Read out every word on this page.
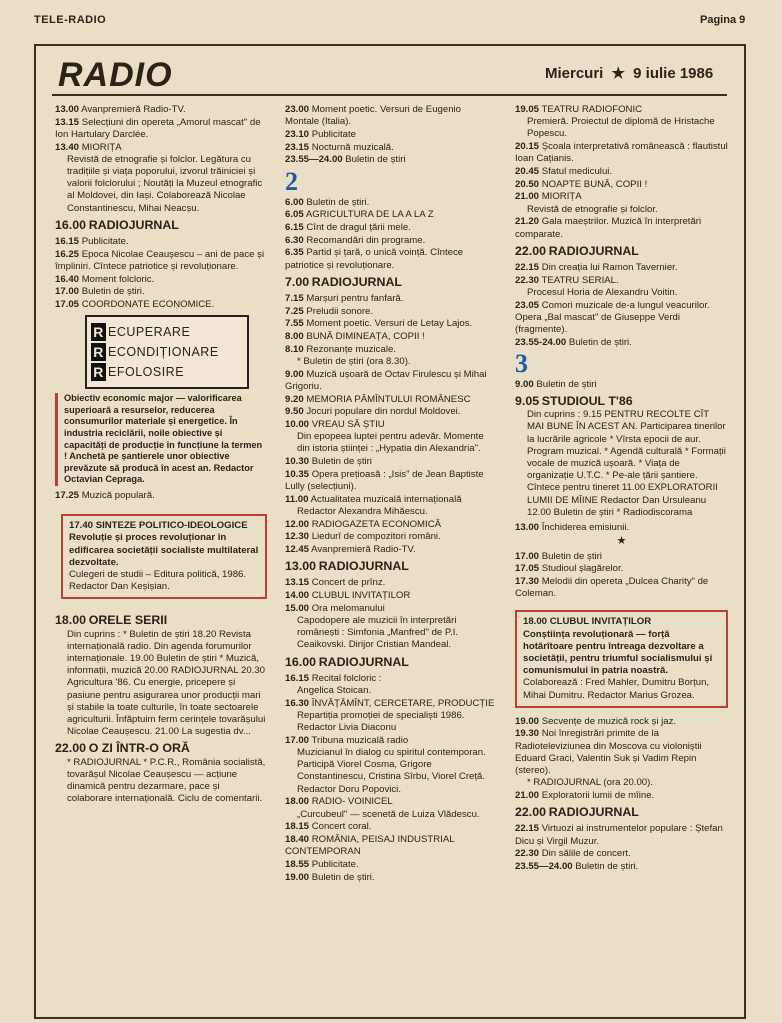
TELE-RADIO	Pagina 9
RADIO	Miercuri ★ 9 iulie 1986
13.00 Avanpremieră Radio-TV.
13.15 Selecțiuni din opereta „Amorul mascat" de Ion Hartulary Darclée.
13.40 MIORIȚA
Revistă de etnografie și folclor. Legătura cu tradițiile și viața poporului, izvorul trăiniciei și valorii folclorului ; Noutăți la Muzeul etnografic al Moldovei, din Iași. Colaborează Nicolae Constantinescu, Mihai Neacșu.
16.00 RADIOJURNAL
16.15 Publicitate.
16.25 Epoca Nicolae Ceaușescu – ani de pace și împliniri. Cîntece patriotice și revoluționare.
16.40 Moment folcloric.
17.00 Buletin de știri.
17.05 COORDONATE ECONOMICE.
R ECUPERARE
R ECONDIȚIONARE
R EFOLOSIRE
Obiectiv economic major — valorificarea superioară a resurselor, reducerea consumurilor materiale și energetice. În industria reciclării, noile obiective și capacități de producție în funcțiune la termen ! Anchetă pe șantierele unor obiective prevăzute să producă în acest an. Redactor Octavian Cepraga.
17.25 Muzică populară.
17.40 SINTEZE POLITICO-IDEOLOGICE
Revoluție și proces revoluționar în edificarea societății socialiste multilateral dezvoltate.
Culegeri de studii – Editura politică, 1986. Redactor Dan Keșișian.
18.00 ORELE SERII
Din cuprins : * Buletin de știri 18.20 Revista internațională radio. Din agenda forumurilor internaționale. 19.00 Buletin de știri * Muzică, informații, muzică 20.00 RADIOJURNAL 20.30 Agricultura '86. Cu energie, pricepere și pasiune pentru asigurarea unor producții mari și stabile la toate culturile, în toate sectoarele agriculturii. Înfăptuim ferm cerințele tovarășului Nicolae Ceaușescu. 21.00 La sugestia dv...
22.00 O ZI ÎNTR-O ORĂ
* RADIOJURNAL * P.C.R., România socialistă, tovarășul Nicolae Ceaușescu — acțiune dinamică pentru dezarmare, pace și colaborare internațională. Ciclu de comentarii.
23.00 Moment poetic. Versuri de Eugenio Montale (Italia).
23.10 Publicitate
23.15 Nocturnă muzicală.
23.55—24.00 Buletin de știri
2
6.00 Buletin de știri.
6.05 AGRICULTURA DE LA A LA Z
6.15 Cînt de dragul țării mele.
6.30 Recomandări din programe.
6.35 Partid și țară, o unică voință. Cîntece patriotice și revoluționare.
7.00 RADIOJURNAL
7.15 Marșuri pentru fanfară.
7.25 Preludii sonore.
7.55 Moment poetic. Versuri de Letay Lajos.
8.00 BUNĂ DIMINEAȚA, COPII !
8.10 Rezonanțe muzicale.
* Buletin de știri (ora 8.30).
9.00 Muzică ușoară de Octav Firulescu și Mihai Grigoriu.
9.20 MEMORIA PĂMÎNTULUI ROMÂNESC
9.50 Jocuri populare din nordul Moldovei.
10.00 VREAU SĂ ȘTIU
Din epopeea luptei pentru adevăr. Momente din istoria științei : „Hypatia din Alexandria".
10.30 Buletin de știri
10.35 Opera prețioasă : „Isis" de Jean Baptiste Lully (selecțiuni).
11.00 Actualitatea muzicală internațională
Redactor Alexandra Mihăescu.
12.00 RADIOGAZETA ECONOMICĂ
12.30 Liedurî de compozitori români.
12.45 Avanpremieră Radio-TV.
13.00 RADIOJURNAL
13.15 Concert de prînz.
14.00 CLUBUL INVITAȚILOR
15.00 Ora melomanului
Capodopere ale muzicii în interpretări românești : Simfonia „Manfred" de P.I. Ceaikovski. Dirijor Cristian Mandeal.
16.00 RADIOJURNAL
16.15 Recital folcloric :
Angelica Stoican.
16.30 ÎNVĂȚĂMÎNT, CERCETARE, PRODUCȚIE
Repartiția promoției de specialiști 1986. Redactor Livia Diaconu
17.00 Tribuna muzicală radio
Muzicianul în dialog cu spiritul contemporan. Participă Viorel Cosma, Grigore Constantinescu, Cristina Sîrbu, Viorel Creță. Redactor Doru Popovici.
18.00 RADIO- VOINICEL
„Curcubeul" — scenetă de Luiza Vlădescu.
18.15 Concert coral.
18.40 ROMÂNIA, PEISAJ INDUSTRIAL CONTEMPORAN
18.55 Publicitate.
19.00 Buletin de știri.
19.05 TEATRU RADIOFONIC
Premieră. Proiectul de diplomă de Hristache Popescu.
20.15 Școala interpretativă românească : flautistul Ioan Cațianis.
20.45 Sfatul medicului.
20.50 NOAPTE BUNĂ, COPII !
21.00 MIORIȚA
Revistă de etnografie și folclor.
21.20 Gala maeștrilor. Muzică în interpretări comparate.
22.00 RADIOJURNAL
22.15 Din creația lui Ramon Tavernier.
22.30 TEATRU SERIAL.
Procesul Horia de Alexandru Voitin.
23.05 Comori muzicale de-a lungul veacurilor. Opera „Bal mascat" de Giuseppe Verdi (fragmente).
23.55-24.00 Buletin de știri.
3
9.00 Buletin de știri
9.05 STUDIOUL T'86
Din cuprins : 9.15 PENTRU RECOLTE CÎT MAI BUNE ÎN ACEST AN. Participarea tinerilor la lucrările agricole * Vîrsta epocii de aur. Program muzical. * Agendă culturală * Formații vocale de muzică ușoară. * Viața de organizație U.T.C. * Pe-ale țării șantiere. Cîntece pentru tineret 11.00 EXPLORATORII LUMII DE MÎINE Redactor Dan Ursuleanu 12.00 Buletin de știri * Radiodiscorama
13.00 Închiderea emisiunii.
★
17.00 Buletin de știri
17.05 Studioul șlagărelor.
17.30 Melodii din opereta „Dulcea Charity" de Coleman.
18.00 CLUBUL INVITAȚILOR
Conștiința revoluționară — forță hotărîtoare pentru întreaga dezvoltare a societății, pentru triumful socialismului și comunismului în patria noastră.
Colaborează : Fred Mahler, Dumitru Borțun, Mihai Dumitru. Redactor Marius Grozea.
19.00 Secvențe de muzică rock și jaz.
19.30 Noi înregistrări primite de la Radioteleviziunea din Moscova cu violoniștii Eduard Graci, Valentin Suk și Vadim Repin (stereo).
* RADIOJURNAL (ora 20.00).
21.00 Exploratorii lumii de mîine.
22.00 RADIOJURNAL
22.15 Virtuozi ai instrumentelor populare : Ștefan Dicu și Virgil Muzur.
22.30 Din sălile de concert.
23.55—24.00 Buletin de știri.
